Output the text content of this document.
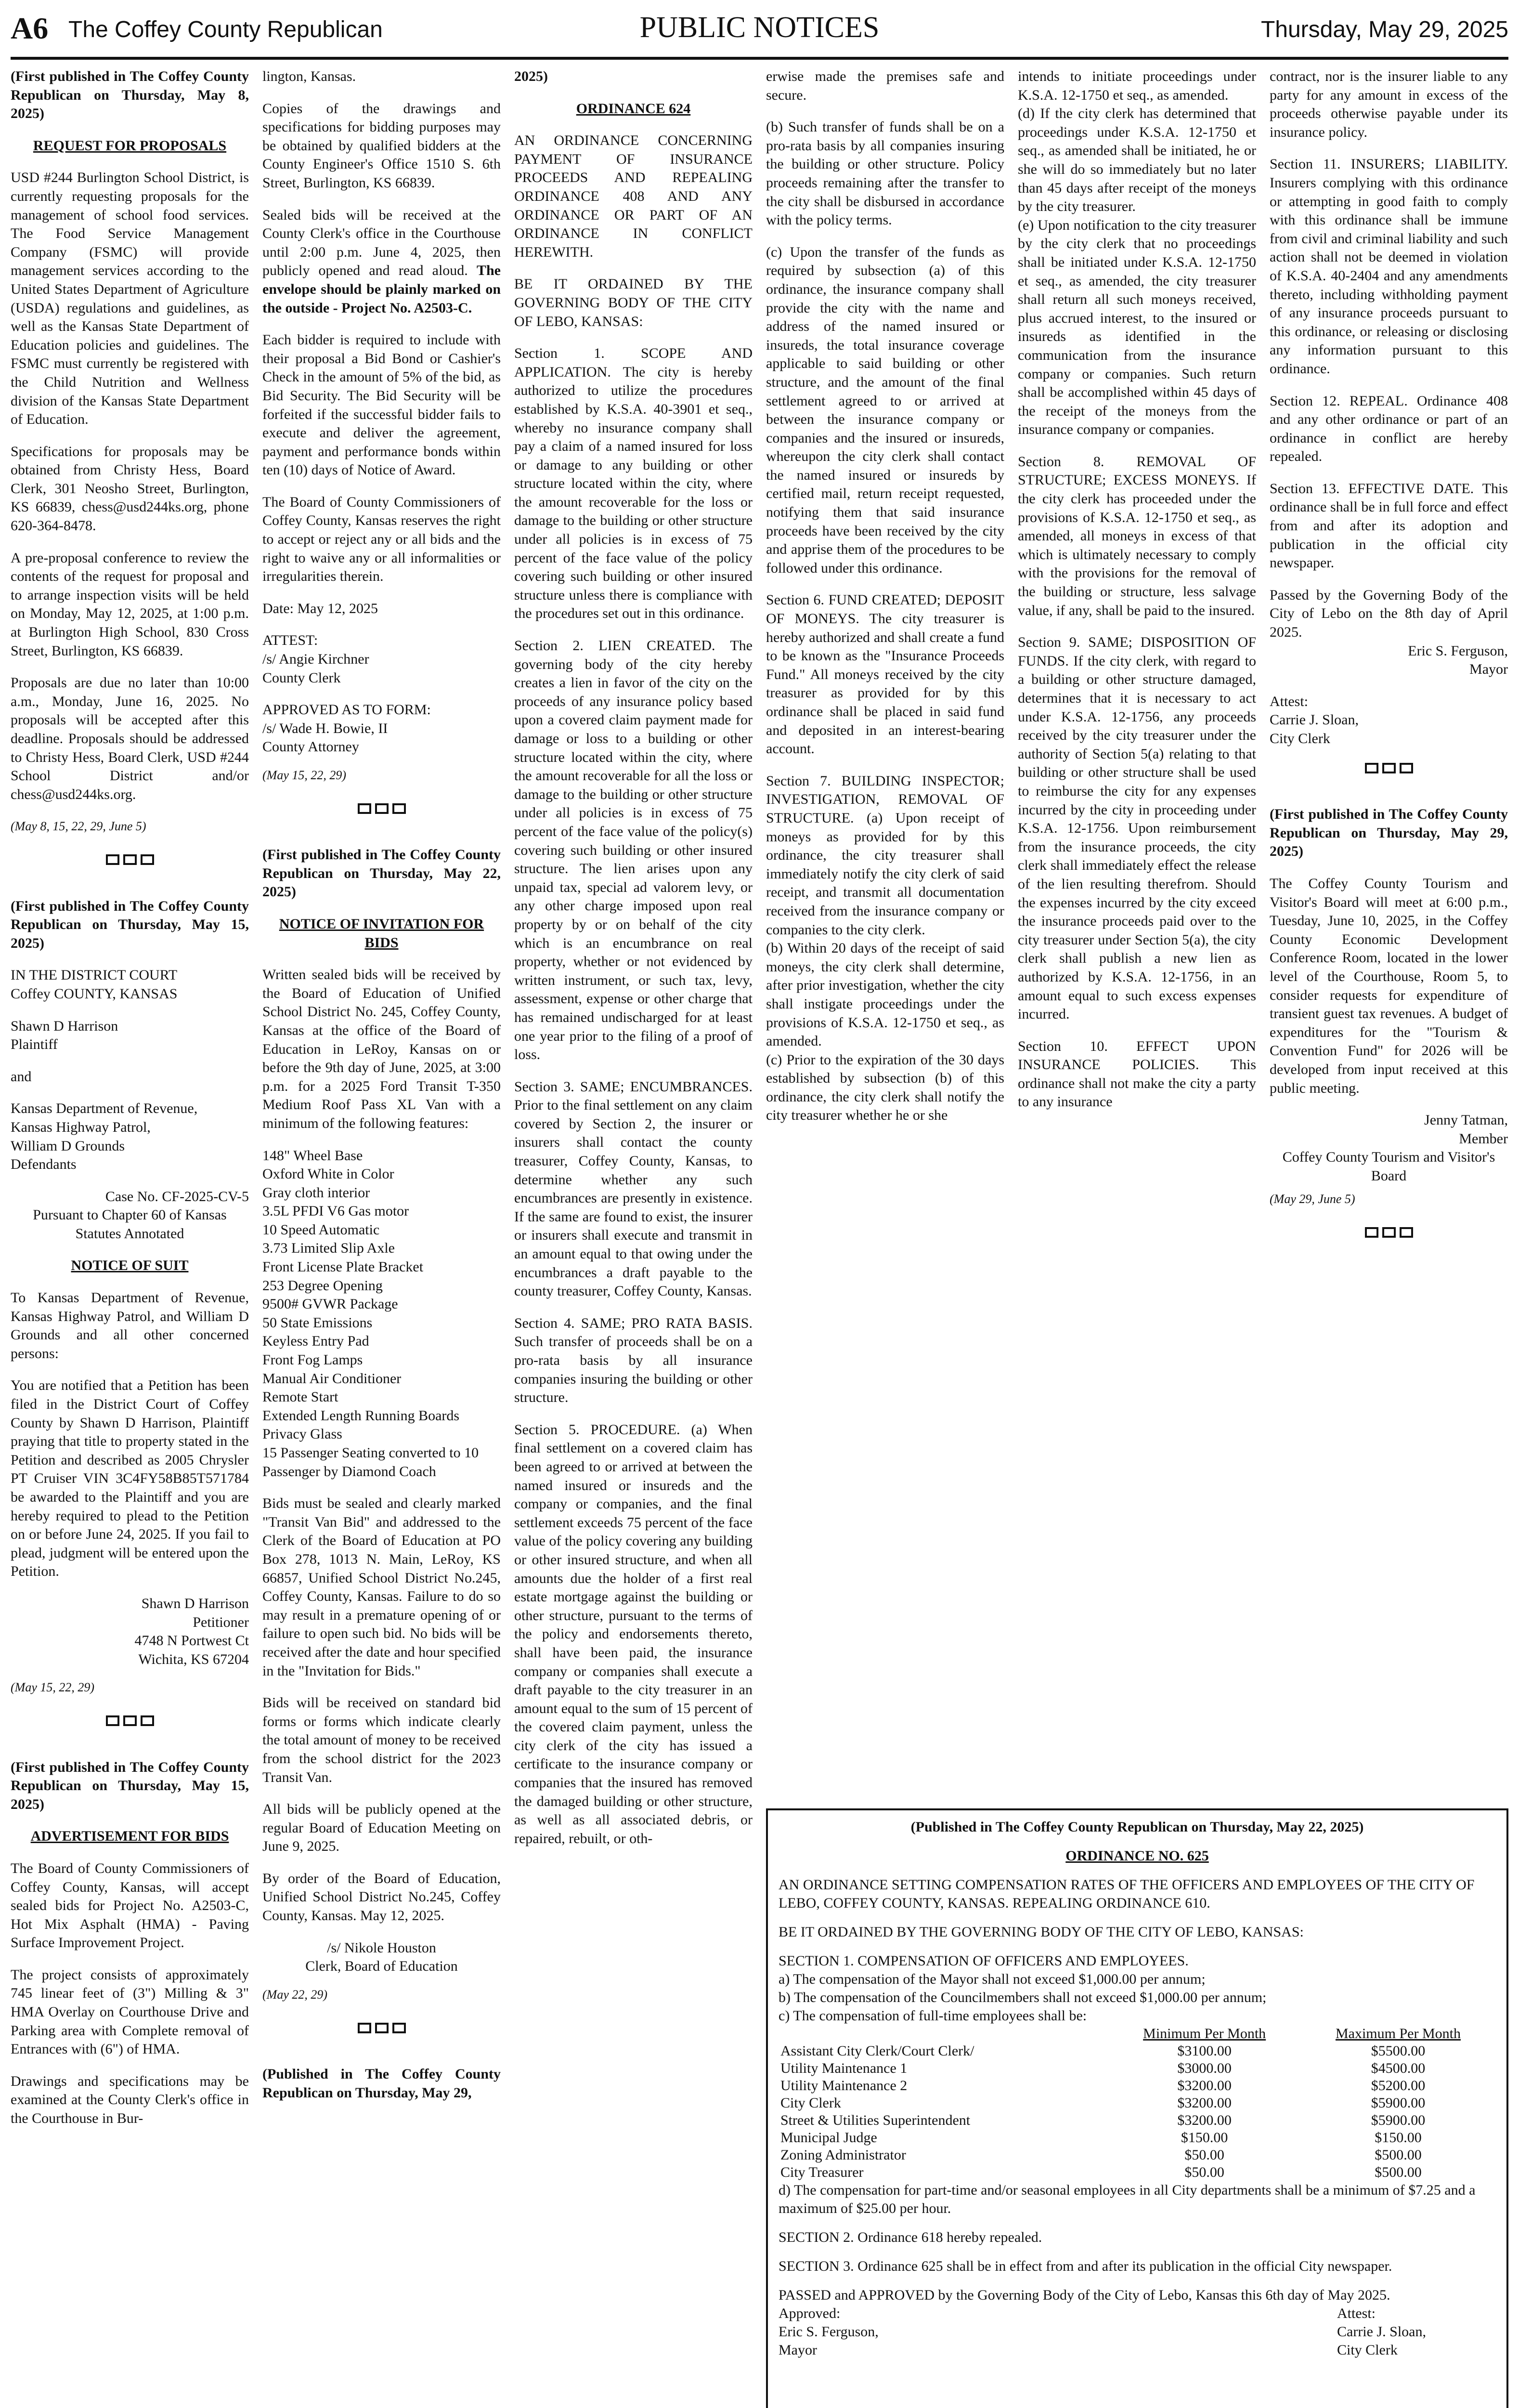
A6 The Coffey County Republican	PUBLIC NOTICES	Thursday, May 29, 2025

(First published in The Coffey County Republican on Thursday, May 8, 2025)

REQUEST FOR PROPOSALS

USD #244 Burlington School District, is currently requesting proposals for the management of school food services. The Food Service Management Company (FSMC) will provide management services according to the United States Department of Agriculture (USDA) regulations and guidelines, as well as the Kansas State Department of Education policies and guidelines. The FSMC must currently be registered with the Child Nutrition and Wellness division of the Kansas State Department of Education.

Specifications for proposals may be obtained from Christy Hess, Board Clerk, 301 Neosho Street, Burlington, KS 66839, chess@usd244ks.org, phone 620-364-8478.

A pre-proposal conference to review the contents of the request for proposal and to arrange inspection visits will be held on Monday, May 12, 2025, at 1:00 p.m. at Burlington High School, 830 Cross Street, Burlington, KS 66839.

Proposals are due no later than 10:00 a.m., Monday, June 16, 2025. No proposals will be accepted after this deadline. Proposals should be addressed to Christy Hess, Board Clerk, USD #244 School District and/or chess@usd244ks.org.

(May 8, 15, 22, 29, June 5)

(First published in The Coffey County Republican on Thursday, May 15, 2025)

IN THE DISTRICT COURT
Coffey COUNTY, KANSAS
Shawn D Harrison
Plaintiff

and

Kansas Department of Revenue,
Kansas Highway Patrol,
William D Grounds
Defendants
Case No. CF-2025-CV-5
Pursuant to Chapter 60 of Kansas Statutes Annotated

NOTICE OF SUIT

To Kansas Department of Revenue, Kansas Highway Patrol, and William D Grounds and all other concerned persons:

You are notified that a Petition has been filed in the District Court of Coffey County by Shawn D Harrison, Plaintiff praying that title to property stated in the Petition and described as 2005 Chrysler PT Cruiser VIN 3C4FY58B85T571784 be awarded to the Plaintiff and you are hereby required to plead to the Petition on or before June 24, 2025. If you fail to plead, judgment will be entered upon the Petition.

Shawn D Harrison
Petitioner
4748 N Portwest Ct
Wichita, KS 67204

(May 15, 22, 29)

(First published in The Coffey County Republican on Thursday, May 15, 2025)

ADVERTISEMENT FOR BIDS

The Board of County Commissioners of Coffey County, Kansas, will accept sealed bids for Project No. A2503-C, Hot Mix Asphalt (HMA) - Paving Surface Improvement Project.

The project consists of approximately 745 linear feet of (3") Milling & 3" HMA Overlay on Courthouse Drive and Parking area with Complete removal of Entrances with (6") of HMA.

Drawings and specifications may be examined at the County Clerk's office in the Courthouse in Bur-

lington, Kansas.

Copies of the drawings and specifications for bidding purposes may be obtained by qualified bidders at the County Engineer's Office 1510 S. 6th Street, Burlington, KS 66839.

Sealed bids will be received at the County Clerk's office in the Courthouse until 2:00 p.m. June 4, 2025, then publicly opened and read aloud. The envelope should be plainly marked on the outside - Project No. A2503-C.

Each bidder is required to include with their proposal a Bid Bond or Cashier's Check in the amount of 5% of the bid, as Bid Security. The Bid Security will be forfeited if the successful bidder fails to execute and deliver the agreement, payment and performance bonds within ten (10) days of Notice of Award.

The Board of County Commissioners of Coffey County, Kansas reserves the right to accept or reject any or all bids and the right to waive any or all informalities or irregularities therein.

Date: May 12, 2025

ATTEST:
/s/ Angie Kirchner
County Clerk
APPROVED AS TO FORM:
/s/ Wade H. Bowie, II
County Attorney

(May 15, 22, 29)

(First published in The Coffey County Republican on Thursday, May 22, 2025)

NOTICE OF INVITATION FOR BIDS

Written sealed bids will be received by the Board of Education of Unified School District No. 245, Coffey County, Kansas at the office of the Board of Education in LeRoy, Kansas on or before the 9th day of June, 2025, at 3:00 p.m. for a 2025 Ford Transit T-350 Medium Roof Pass XL Van with a minimum of the following features:

148" Wheel Base
Oxford White in Color
Gray cloth interior
3.5L PFDI V6 Gas motor
10 Speed Automatic
3.73 Limited Slip Axle
Front License Plate Bracket
253 Degree Opening
9500# GVWR Package
50 State Emissions
Keyless Entry Pad
Front Fog Lamps
Manual Air Conditioner
Remote Start
Extended Length Running Boards
Privacy Glass
15 Passenger Seating converted to 10 Passenger by Diamond Coach

Bids must be sealed and clearly marked "Transit Van Bid" and addressed to the Clerk of the Board of Education at PO Box 278, 1013 N. Main, LeRoy, KS 66857, Unified School District No.245, Coffey County, Kansas. Failure to do so may result in a premature opening of or failure to open such bid. No bids will be received after the date and hour specified in the "Invitation for Bids."

Bids will be received on standard bid forms or forms which indicate clearly the total amount of money to be received from the school district for the 2023 Transit Van.

All bids will be publicly opened at the regular Board of Education Meeting on June 9, 2025.

By order of the Board of Education, Unified School District No.245, Coffey County, Kansas. May 12, 2025.

/s/ Nikole Houston
Clerk, Board of Education

(May 22, 29)

(Published in The Coffey County Republican on Thursday, May 29,

2025)

ORDINANCE 624

AN ORDINANCE CONCERNING PAYMENT OF INSURANCE PROCEEDS AND REPEALING ORDINANCE 408 AND ANY ORDINANCE OR PART OF AN ORDINANCE IN CONFLICT HEREWITH.

BE IT ORDAINED BY THE GOVERNING BODY OF THE CITY OF LEBO, KANSAS:

Section 1. SCOPE AND APPLICATION. The city is hereby authorized to utilize the procedures established by K.S.A. 40-3901 et seq., whereby no insurance company shall pay a claim of a named insured for loss or damage to any building or other structure located within the city, where the amount recoverable for the loss or damage to the building or other structure under all policies is in excess of 75 percent of the face value of the policy covering such building or other insured structure unless there is compliance with the procedures set out in this ordinance.

Section 2. LIEN CREATED. The governing body of the city hereby creates a lien in favor of the city on the proceeds of any insurance policy based upon a covered claim payment made for damage or loss to a building or other structure located within the city, where the amount recoverable for all the loss or damage to the building or other structure under all policies is in excess of 75 percent of the face value of the policy(s) covering such building or other insured structure. The lien arises upon any unpaid tax, special ad valorem levy, or any other charge imposed upon real property by or on behalf of the city which is an encumbrance on real property, whether or not evidenced by written instrument, or such tax, levy, assessment, expense or other charge that has remained undischarged for at least one year prior to the filing of a proof of loss.

Section 3. SAME; ENCUMBRANCES. Prior to the final settlement on any claim covered by Section 2, the insurer or insurers shall contact the county treasurer, Coffey County, Kansas, to determine whether any such encumbrances are presently in existence. If the same are found to exist, the insurer or insurers shall execute and transmit in an amount equal to that owing under the encumbrances a draft payable to the county treasurer, Coffey County, Kansas.

Section 4. SAME; PRO RATA BASIS. Such transfer of proceeds shall be on a pro-rata basis by all insurance companies insuring the building or other structure.

Section 5. PROCEDURE. (a) When final settlement on a covered claim has been agreed to or arrived at between the named insured or insureds and the company or companies, and the final settlement exceeds 75 percent of the face value of the policy covering any building or other insured structure, and when all amounts due the holder of a first real estate mortgage against the building or other structure, pursuant to the terms of the policy and endorsements thereto, shall have been paid, the insurance company or companies shall execute a draft payable to the city treasurer in an amount equal to the sum of 15 percent of the covered claim payment, unless the city clerk of the city has issued a certificate to the insurance company or companies that the insured has removed the damaged building or other structure, as well as all associated debris, or repaired, rebuilt, or oth-

erwise made the premises safe and secure.

(b) Such transfer of funds shall be on a pro-rata basis by all companies insuring the building or other structure. Policy proceeds remaining after the transfer to the city shall be disbursed in accordance with the policy terms.

(c) Upon the transfer of the funds as required by subsection (a) of this ordinance, the insurance company shall provide the city with the name and address of the named insured or insureds, the total insurance coverage applicable to said building or other structure, and the amount of the final settlement agreed to or arrived at between the insurance company or companies and the insured or insureds, whereupon the city clerk shall contact the named insured or insureds by certified mail, return receipt requested, notifying them that said insurance proceeds have been received by the city and apprise them of the procedures to be followed under this ordinance.

Section 6. FUND CREATED; DEPOSIT OF MONEYS. The city treasurer is hereby authorized and shall create a fund to be known as the "Insurance Proceeds Fund." All moneys received by the city treasurer as provided for by this ordinance shall be placed in said fund and deposited in an interest-bearing account.

Section 7. BUILDING INSPECTOR; INVESTIGATION, REMOVAL OF STRUCTURE. (a) Upon receipt of moneys as provided for by this ordinance, the city treasurer shall immediately notify the city clerk of said receipt, and transmit all documentation received from the insurance company or companies to the city clerk.

(b) Within 20 days of the receipt of said moneys, the city clerk shall determine, after prior investigation, whether the city shall instigate proceedings under the provisions of K.S.A. 12-1750 et seq., as amended.

(c) Prior to the expiration of the 30 days established by subsection (b) of this ordinance, the city clerk shall notify the city treasurer whether he or she

intends to initiate proceedings under K.S.A. 12-1750 et seq., as amended.

(d) If the city clerk has determined that proceedings under K.S.A. 12-1750 et seq., as amended shall be initiated, he or she will do so immediately but no later than 45 days after receipt of the moneys by the city treasurer.

(e) Upon notification to the city treasurer by the city clerk that no proceedings shall be initiated under K.S.A. 12-1750 et seq., as amended, the city treasurer shall return all such moneys received, plus accrued interest, to the insured or insureds as identified in the communication from the insurance company or companies. Such return shall be accomplished within 45 days of the receipt of the moneys from the insurance company or companies.

Section 8. REMOVAL OF STRUCTURE; EXCESS MONEYS. If the city clerk has proceeded under the provisions of K.S.A. 12-1750 et seq., as amended, all moneys in excess of that which is ultimately necessary to comply with the provisions for the removal of the building or structure, less salvage value, if any, shall be paid to the insured.

Section 9. SAME; DISPOSITION OF FUNDS. If the city clerk, with regard to a building or other structure damaged, determines that it is necessary to act under K.S.A. 12-1756, any proceeds received by the city treasurer under the authority of Section 5(a) relating to that building or other structure shall be used to reimburse the city for any expenses incurred by the city in proceeding under K.S.A. 12-1756. Upon reimbursement from the insurance proceeds, the city clerk shall immediately effect the release of the lien resulting therefrom. Should the expenses incurred by the city exceed the insurance proceeds paid over to the city treasurer under Section 5(a), the city clerk shall publish a new lien as authorized by K.S.A. 12-1756, in an amount equal to such excess expenses incurred.

Section 10. EFFECT UPON INSURANCE POLICIES. This ordinance shall not make the city a party to any insurance

contract, nor is the insurer liable to any party for any amount in excess of the proceeds otherwise payable under its insurance policy.

Section 11. INSURERS; LIABILITY. Insurers complying with this ordinance or attempting in good faith to comply with this ordinance shall be immune from civil and criminal liability and such action shall not be deemed in violation of K.S.A. 40-2404 and any amendments thereto, including withholding payment of any insurance proceeds pursuant to this ordinance, or releasing or disclosing any information pursuant to this ordinance.

Section 12. REPEAL. Ordinance 408 and any other ordinance or part of an ordinance in conflict are hereby repealed.

Section 13. EFFECTIVE DATE. This ordinance shall be in full force and effect from and after its adoption and publication in the official city newspaper.

Passed by the Governing Body of the City of Lebo on the 8th day of April 2025.

Eric S. Ferguson,
Mayor
Attest:
Carrie J. Sloan,
City Clerk

(First published in The Coffey County Republican on Thursday, May 29, 2025)

The Coffey County Tourism and Visitor's Board will meet at 6:00 p.m., Tuesday, June 10, 2025, in the Coffey County Economic Development Conference Room, located in the lower level of the Courthouse, Room 5, to consider requests for expenditure of transient guest tax revenues. A budget of expenditures for the "Tourism & Convention Fund" for 2026 will be developed from input received at this public meeting.

Jenny Tatman,
Member
Coffey County Tourism and Visitor's Board

(May 29, June 5)

(Published in The Coffey County Republican on Thursday, May 22, 2025)

ORDINANCE NO. 625

AN ORDINANCE SETTING COMPENSATION RATES OF THE OFFICERS AND EMPLOYEES OF THE CITY OF LEBO, COFFEY COUNTY, KANSAS. REPEALING ORDINANCE 610.

BE IT ORDAINED BY THE GOVERNING BODY OF THE CITY OF LEBO, KANSAS:

SECTION 1. COMPENSATION OF OFFICERS AND EMPLOYEES.
a) The compensation of the Mayor shall not exceed $1,000.00 per annum;
b) The compensation of the Councilmembers shall not exceed $1,000.00 per annum;
c) The compensation of full-time employees shall be:
	Minimum Per Month	Maximum Per Month
Assistant City Clerk/Court Clerk/	$3100.00	$5500.00
Utility Maintenance 1	$3000.00	$4500.00
Utility Maintenance 2	$3200.00	$5200.00
City Clerk	$3200.00	$5900.00
Street & Utilities Superintendent	$3200.00	$5900.00
Municipal Judge	$150.00	$150.00
Zoning Administrator	$50.00	$500.00
City Treasurer	$50.00	$500.00

d) The compensation for part-time and/or seasonal employees in all City departments shall be a minimum of $7.25 and a maximum of $25.00 per hour.

SECTION 2. Ordinance 618 hereby repealed.

SECTION 3. Ordinance 625 shall be in effect from and after its publication in the official City newspaper.

PASSED and APPROVED by the Governing Body of the City of Lebo, Kansas this 6th day of May 2025.

Approved:
Eric S. Ferguson,
Mayor
Attest:
Carrie J. Sloan,
City Clerk
